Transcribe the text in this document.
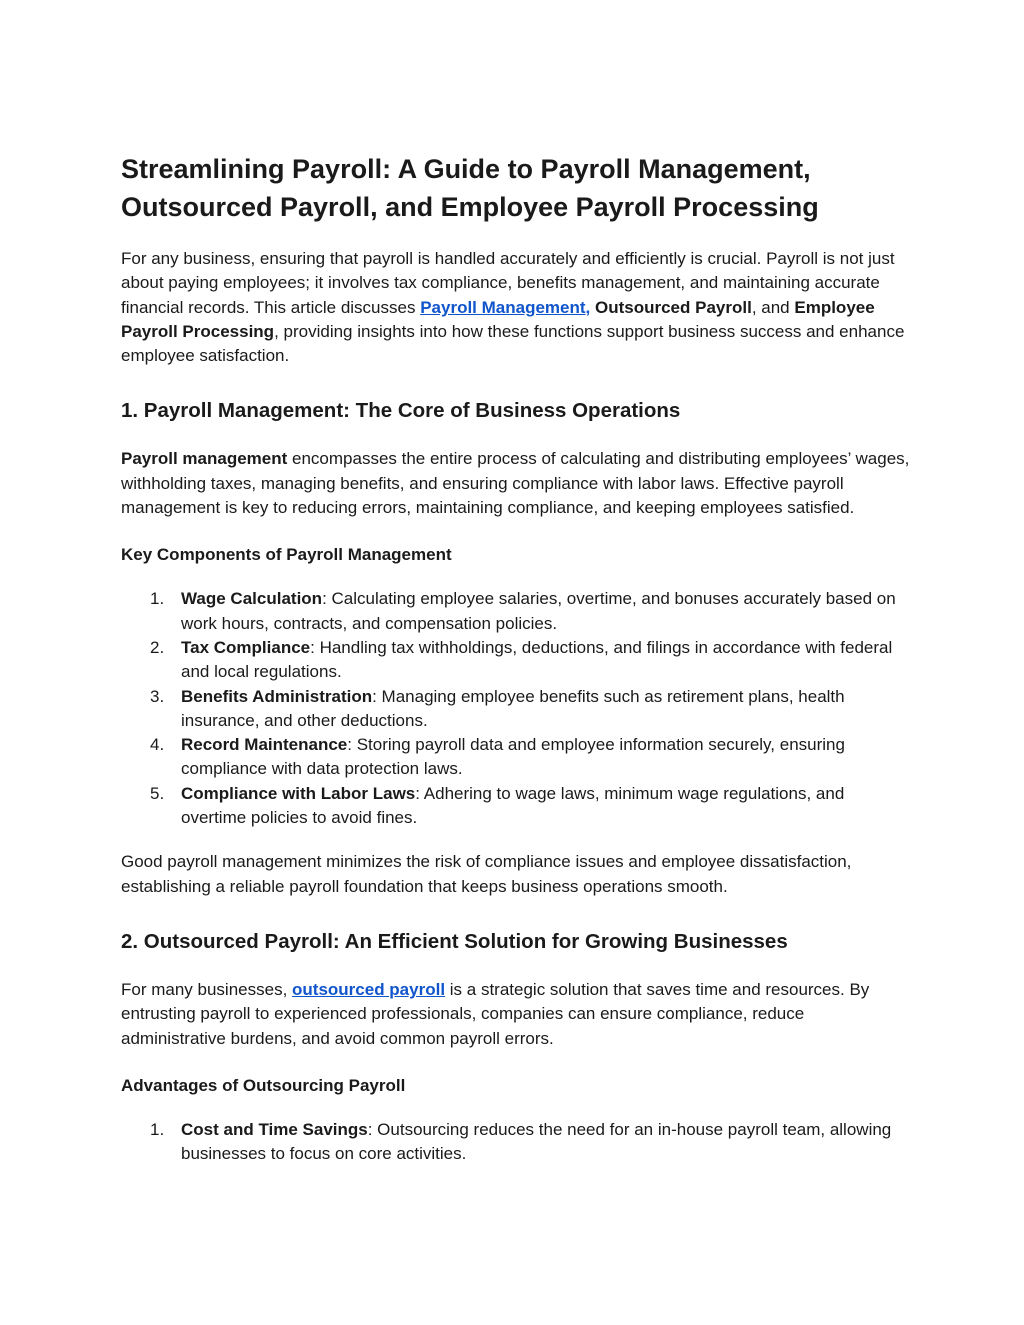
Streamlining Payroll: A Guide to Payroll Management, Outsourced Payroll, and Employee Payroll Processing

For any business, ensuring that payroll is handled accurately and efficiently is crucial. Payroll is not just about paying employees; it involves tax compliance, benefits management, and maintaining accurate financial records. This article discusses Payroll Management, Outsourced Payroll, and Employee Payroll Processing, providing insights into how these functions support business success and enhance employee satisfaction.

1. Payroll Management: The Core of Business Operations

Payroll management encompasses the entire process of calculating and distributing employees’ wages, withholding taxes, managing benefits, and ensuring compliance with labor laws. Effective payroll management is key to reducing errors, maintaining compliance, and keeping employees satisfied.

Key Components of Payroll Management
1. Wage Calculation: Calculating employee salaries, overtime, and bonuses accurately based on work hours, contracts, and compensation policies.
2. Tax Compliance: Handling tax withholdings, deductions, and filings in accordance with federal and local regulations.
3. Benefits Administration: Managing employee benefits such as retirement plans, health insurance, and other deductions.
4. Record Maintenance: Storing payroll data and employee information securely, ensuring compliance with data protection laws.
5. Compliance with Labor Laws: Adhering to wage laws, minimum wage regulations, and overtime policies to avoid fines.

Good payroll management minimizes the risk of compliance issues and employee dissatisfaction, establishing a reliable payroll foundation that keeps business operations smooth.

2. Outsourced Payroll: An Efficient Solution for Growing Businesses

For many businesses, outsourced payroll is a strategic solution that saves time and resources. By entrusting payroll to experienced professionals, companies can ensure compliance, reduce administrative burdens, and avoid common payroll errors.

Advantages of Outsourcing Payroll
1. Cost and Time Savings: Outsourcing reduces the need for an in-house payroll team, allowing businesses to focus on core activities.
